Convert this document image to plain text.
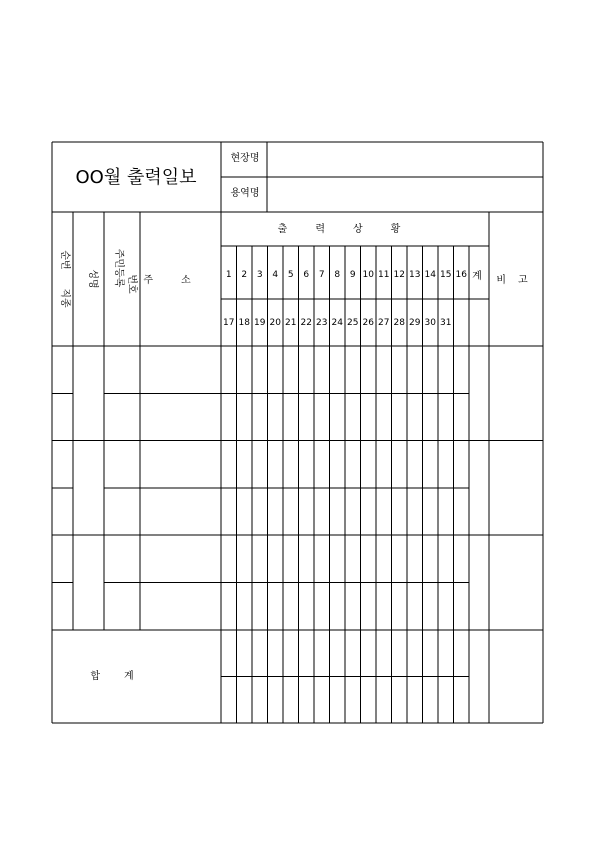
OO월 출력일보
현장명
용역명
순번
직종
성명 주민등록 번호 주소
출력상황
계 비고
1 2 3 4 5 6 7 8 9 10 11 12 13 14 15 16
17 18 19 20 21 22 23 24 25 26 27 28 29 30 31
합계
